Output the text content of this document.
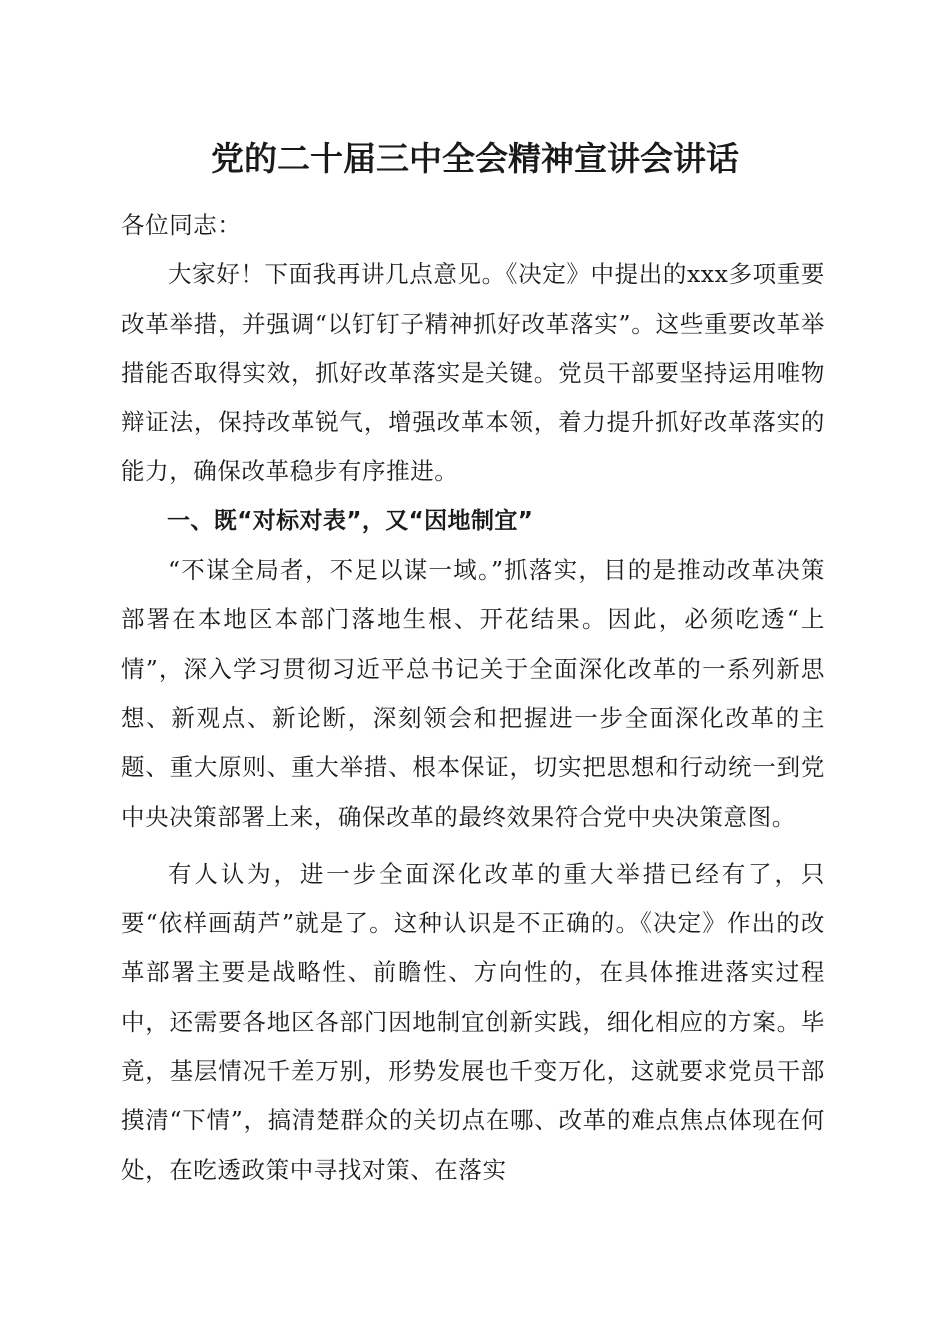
党的二十届三中全会精神宣讲会讲话

各位同志：

大家好！下面我再讲几点意见。《决定》中提出的xxx多项重要改革举措，并强调“以钉钉子精神抓好改革落实”。这些重要改革举措能否取得实效，抓好改革落实是关键。党员干部要坚持运用唯物辩证法，保持改革锐气，增强改革本领，着力提升抓好改革落实的能力，确保改革稳步有序推进。

一、既“对标对表”，又“因地制宜”

“不谋全局者，不足以谋一域。”抓落实，目的是推动改革决策部署在本地区本部门落地生根、开花结果。因此，必须吃透“上情”，深入学习贯彻习近平总书记关于全面深化改革的一系列新思想、新观点、新论断，深刻领会和把握进一步全面深化改革的主题、重大原则、重大举措、根本保证，切实把思想和行动统一到党中央决策部署上来，确保改革的最终效果符合党中央决策意图。

有人认为，进一步全面深化改革的重大举措已经有了，只要“依样画葫芦”就是了。这种认识是不正确的。《决定》作出的改革部署主要是战略性、前瞻性、方向性的，在具体推进落实过程中，还需要各地区各部门因地制宜创新实践，细化相应的方案。毕竟，基层情况千差万别，形势发展也千变万化，这就要求党员干部摸清“下情”，搞清楚群众的关切点在哪、改革的难点焦点体现在何处，在吃透政策中寻找对策、在落实
